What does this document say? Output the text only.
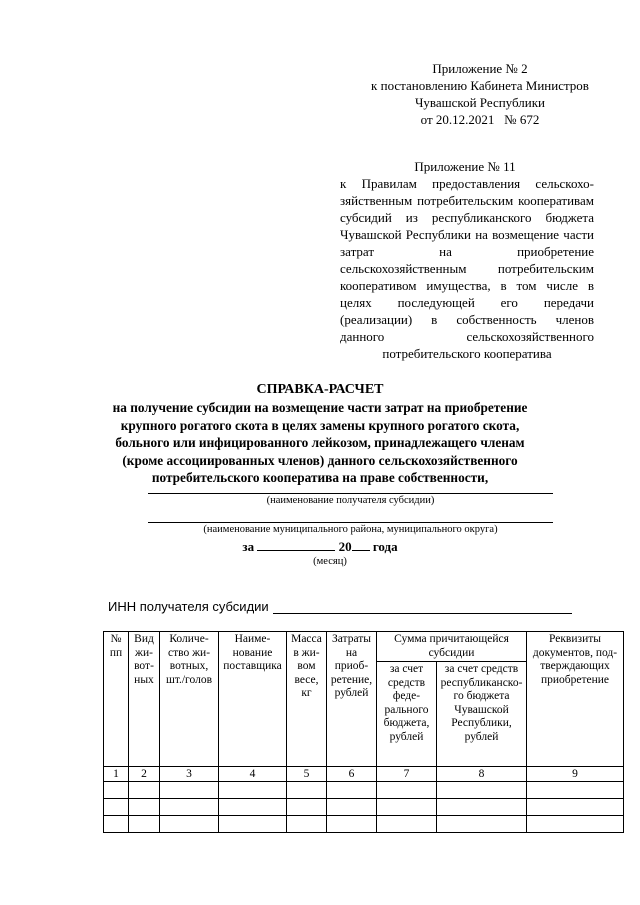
Приложение № 2
к постановлению Кабинета Министров
Чувашской Республики
от 20.12.2021   № 672
Приложение № 11
к Правилам предоставления сельскохозяйственным потребительским кооперативам субсидий из республиканского бюджета Чувашской Республики на возмещение части затрат на приобретение сельскохозяйственным потребительским кооперативом имущества, в том числе в целях последующей его передачи (реализации) в собственность членов данного сельскохозяйственного потребительского кооператива
СПРАВКА-РАСЧЕТ
на получение субсидии на возмещение части затрат на приобретение
крупного рогатого скота в целях замены крупного рогатого скота,
больного или инфицированного лейкозом, принадлежащего членам
(кроме ассоциированных членов) данного сельскохозяйственного
потребительского кооператива на праве собственности,
(наименование получателя субсидии)
(наименование муниципального района, муниципального округа)
за	20 года
(месяц)
ИНН получателя субсидии
№ пп	Вид животных	Количество животных, шт./голов	Наименование поставщика	Масса в живом весе, кг	Затраты на приобретeние, рублей	Сумма причитающейся субсидии		Реквизиты документов, подтверждающих приобретение
						за счет средств федерального бюджета, рублей	за счет средств республиканского бюджета Чувашской Республики, рублей	
1	2	3	4	5	6	7	8	9
